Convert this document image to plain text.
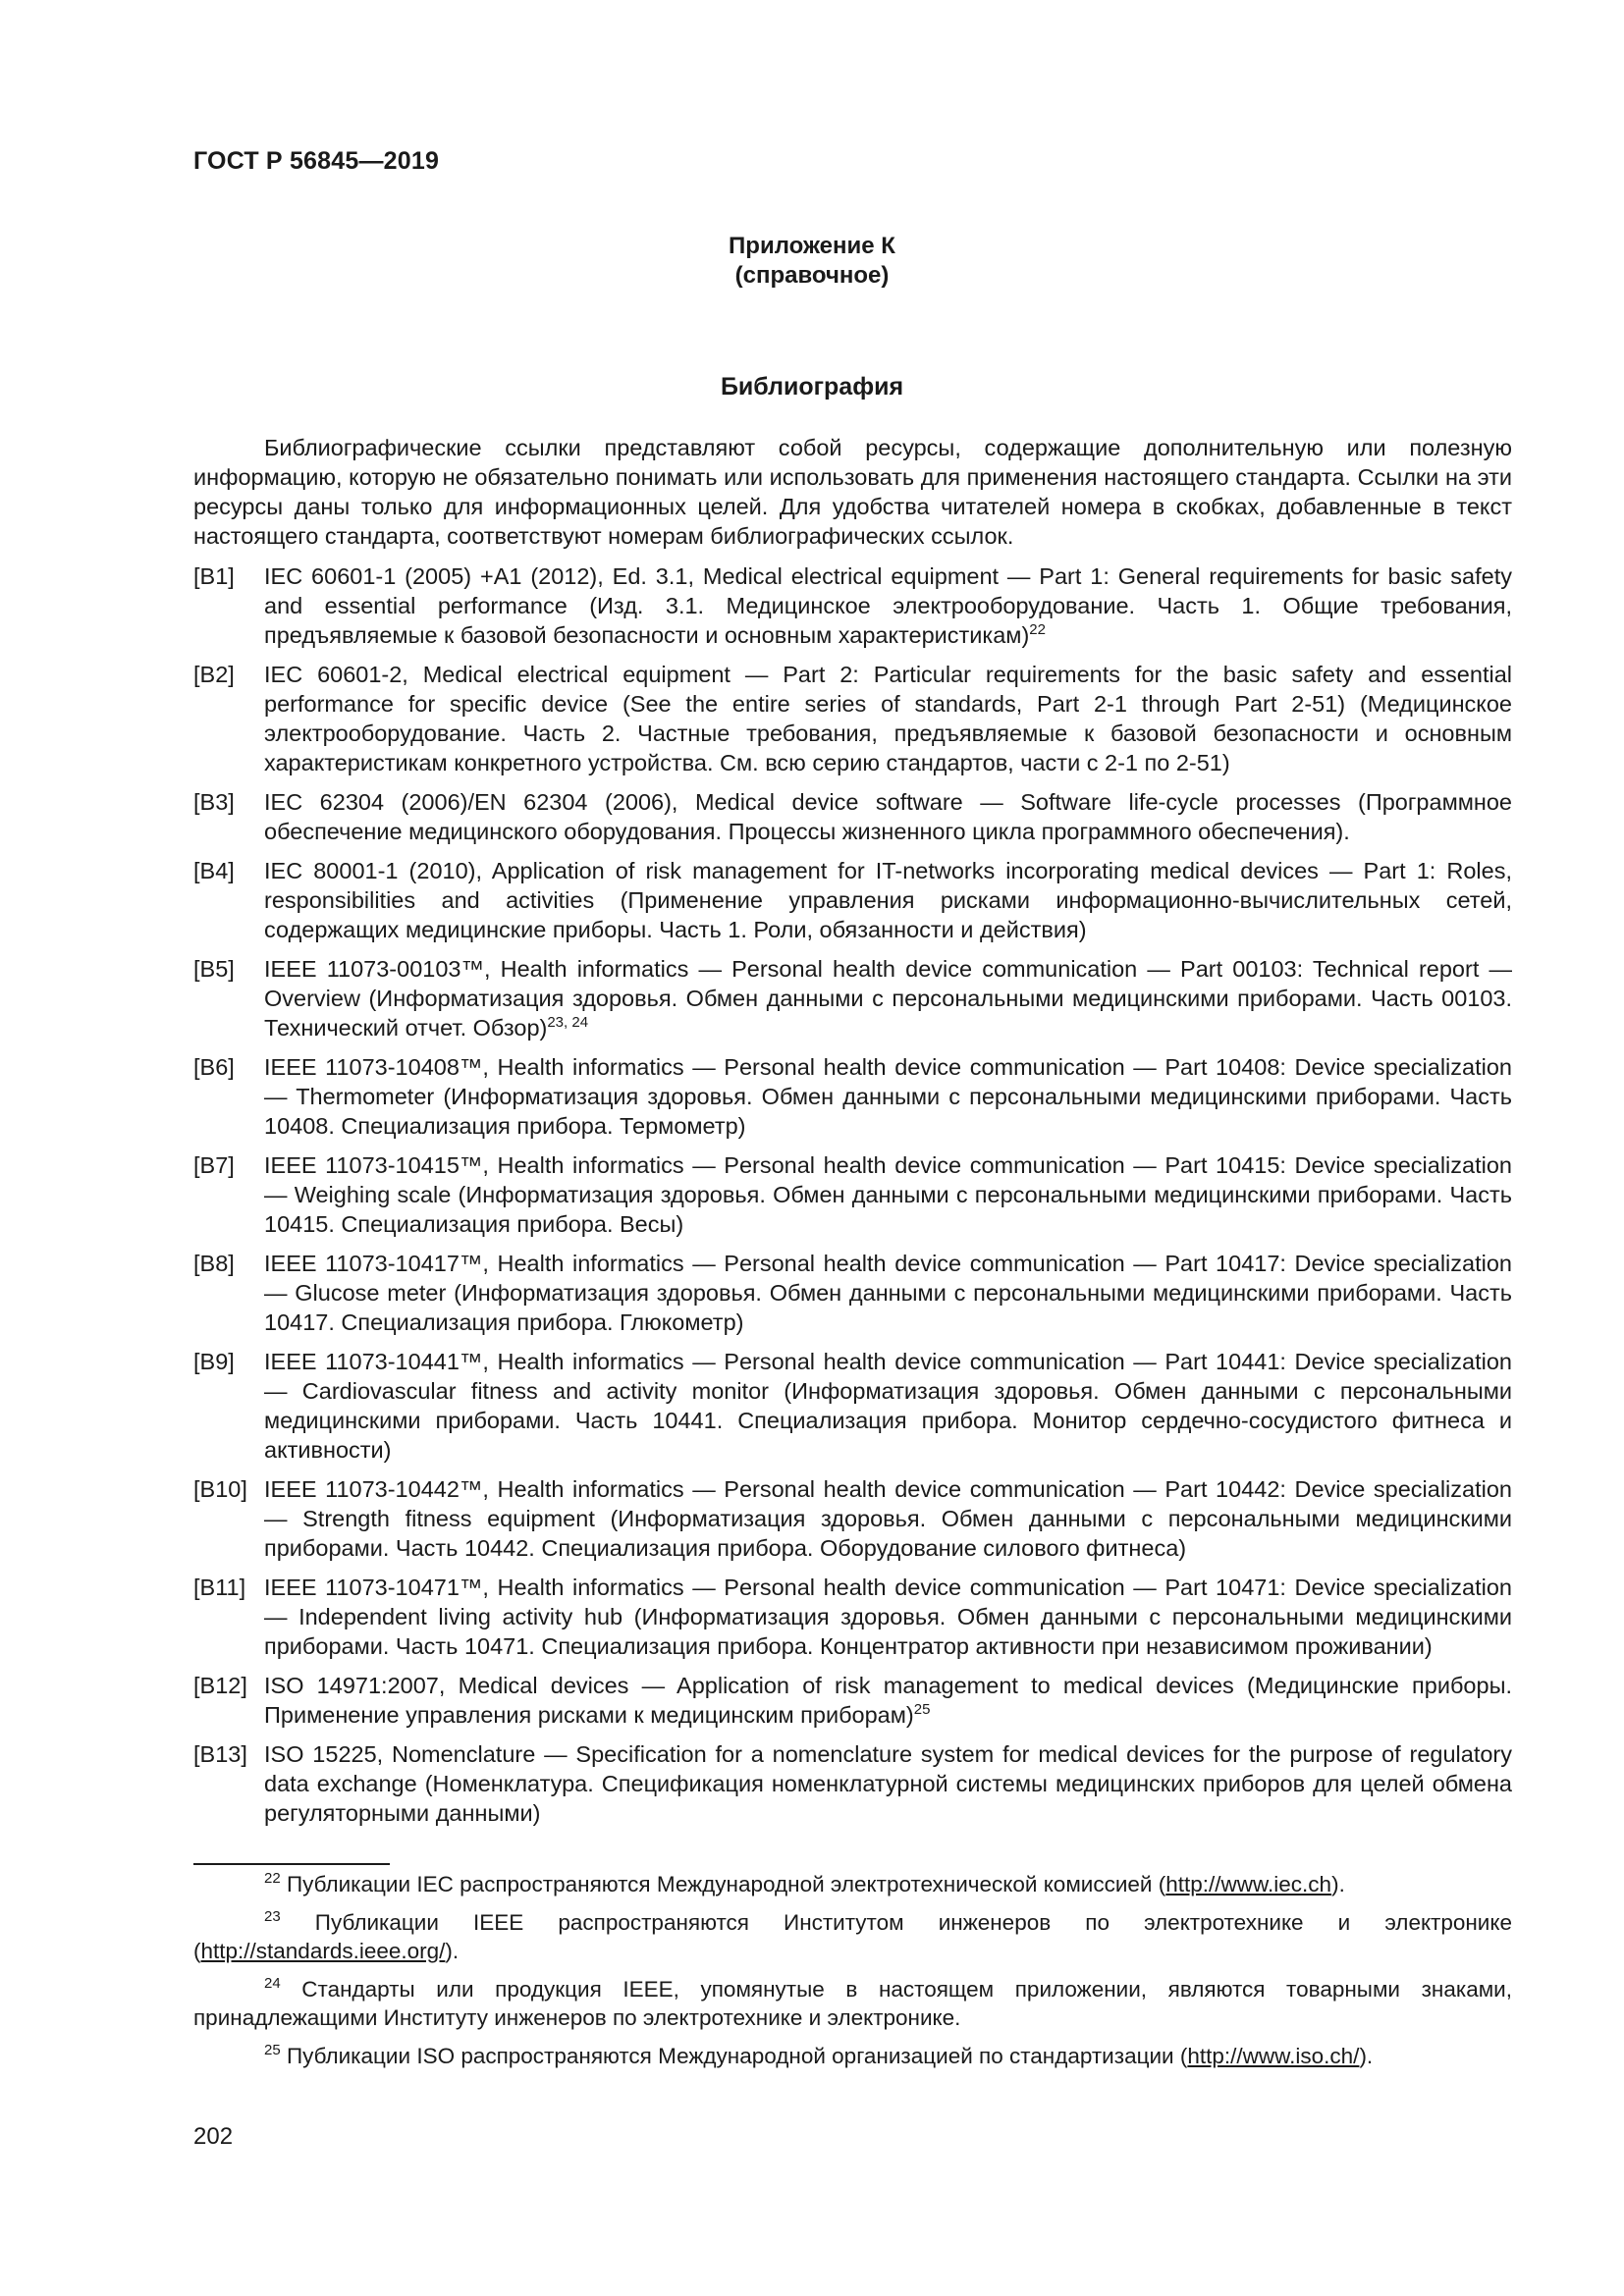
ГОСТ Р 56845—2019
Приложение К
(справочное)
Библиография

Библиографические ссылки представляют собой ресурсы, содержащие дополнительную или полезную информацию, которую не обязательно понимать или использовать для применения настоящего стандарта. Ссылки на эти ресурсы даны только для информационных целей. Для удобства читателей номера в скобках, добавленные в текст настоящего стандарта, соответствуют номерам библиографических ссылок.

[B1]	IEC 60601-1 (2005) +A1 (2012), Ed. 3.1, Medical electrical equipment — Part 1: General requirements for basic safety and essential performance (Изд. 3.1. Медицинское электрооборудование. Часть 1. Общие требования, предъявляемые к базовой безопасности и основным характеристикам)$^{22}$
[B2]	IEC 60601-2, Medical electrical equipment — Part 2: Particular requirements for the basic safety and essential performance for specific device (See the entire series of standards, Part 2-1 through Part 2-51) (Медицинское электрооборудование. Часть 2. Частные требования, предъявляемые к базовой безопасности и основным характеристикам конкретного устройства. См. всю серию стандартов, части с 2-1 по 2-51)
[B3]	IEC 62304 (2006)/EN 62304 (2006), Medical device software — Software life-cycle processes (Программное обеспечение медицинского оборудования. Процессы жизненного цикла программного обеспечения).
[B4]	IEC 80001-1 (2010), Application of risk management for IT-networks incorporating medical devices — Part 1: Roles, responsibilities and activities (Применение управления рисками информационно-вычислительных сетей, содержащих медицинские приборы. Часть 1. Роли, обязанности и действия)
[B5]	IEEE 11073-00103™, Health informatics — Personal health device communication — Part 00103: Technical report — Overview (Информатизация здоровья. Обмен данными с персональными медицинскими приборами. Часть 00103. Технический отчет. Обзор)$^{23, 24}$
[B6]	IEEE 11073-10408™, Health informatics — Personal health device communication — Part 10408: Device specialization — Thermometer (Информатизация здоровья. Обмен данными с персональными медицинскими приборами. Часть 10408. Специализация прибора. Термометр)
[B7]	IEEE 11073-10415™, Health informatics — Personal health device communication — Part 10415: Device specialization — Weighing scale (Информатизация здоровья. Обмен данными с персональными медицинскими приборами. Часть 10415. Специализация прибора. Весы)
[B8]	IEEE 11073-10417™, Health informatics — Personal health device communication — Part 10417: Device specialization — Glucose meter (Информатизация здоровья. Обмен данными с персональными медицинскими приборами. Часть 10417. Специализация прибора. Глюкометр)
[B9]	IEEE 11073-10441™, Health informatics — Personal health device communication — Part 10441: Device specialization — Cardiovascular fitness and activity monitor (Информатизация здоровья. Обмен данными с персональными медицинскими приборами. Часть 10441. Специализация прибора. Монитор сердечно-сосудистого фитнеса и активности)
[B10] IEEE 11073-10442™, Health informatics — Personal health device communication — Part 10442: Device specialization — Strength fitness equipment (Информатизация здоровья. Обмен данными с персональными медицинскими приборами. Часть 10442. Специализация прибора. Оборудование силового фитнеса)
[B11] IEEE 11073-10471™, Health informatics — Personal health device communication — Part 10471: Device specialization — Independent living activity hub (Информатизация здоровья. Обмен данными с персональными медицинскими приборами. Часть 10471. Специализация прибора. Концентратор активности при независимом проживании)
[B12] ISO 14971:2007, Medical devices — Application of risk management to medical devices (Медицинские приборы. Применение управления рисками к медицинским приборам)$^{25}$
[B13] ISO 15225, Nomenclature — Specification for a nomenclature system for medical devices for the purpose of regulatory data exchange (Номенклатура. Спецификация номенклатурной системы медицинских приборов для целей обмена регуляторными данными)

$^{22}$ Публикации IEC распространяются Международной электротехнической комиссией (http://www.iec.ch).

$^{23}$ Публикации IEEE распространяются Институтом инженеров по электротехнике и электронике (http://standards.ieee.org/).

$^{24}$ Стандарты или продукция IEEE, упомянутые в настоящем приложении, являются товарными знаками, принадлежащими Институту инженеров по электротехнике и электронике.

$^{25}$ Публикации ISO распространяются Международной организацией по стандартизации (http://www.iso.ch/).

202
